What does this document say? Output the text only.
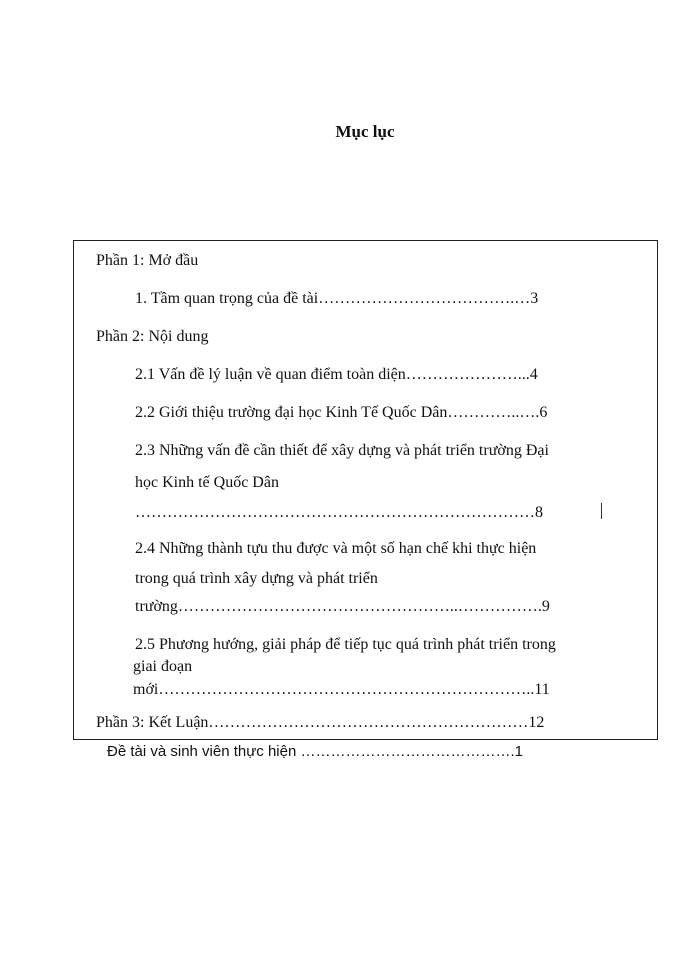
Mục lục
Phần 1: Mở đầu
1. Tầm quan trọng của đề tài……………………………….…3
Phần 2: Nội dung
2.1 Vấn đề lý luận về quan điểm toàn diện…………………...4
2.2 Giới thiệu trường đại học Kinh Tế Quốc Dân…………..….6
2.3 Những vấn đề cần thiết để xây dựng và phát triển trường Đại
học Kinh tế Quốc Dân
…………………………………………………………………8
2.4 Những thành tựu thu được và một số hạn chế khi thực hiện
trong quá trình xây dựng và phát triển
trường……………………………………………..…………….9
2.5 Phương hướng, giải pháp để tiếp tục quá trình phát triển trong
giai đoạn
mới……………………………………………………………..11
Phần 3: Kết Luận……………………………………………………12
Đề tài và sinh viên thực hiện …………………………………….1
